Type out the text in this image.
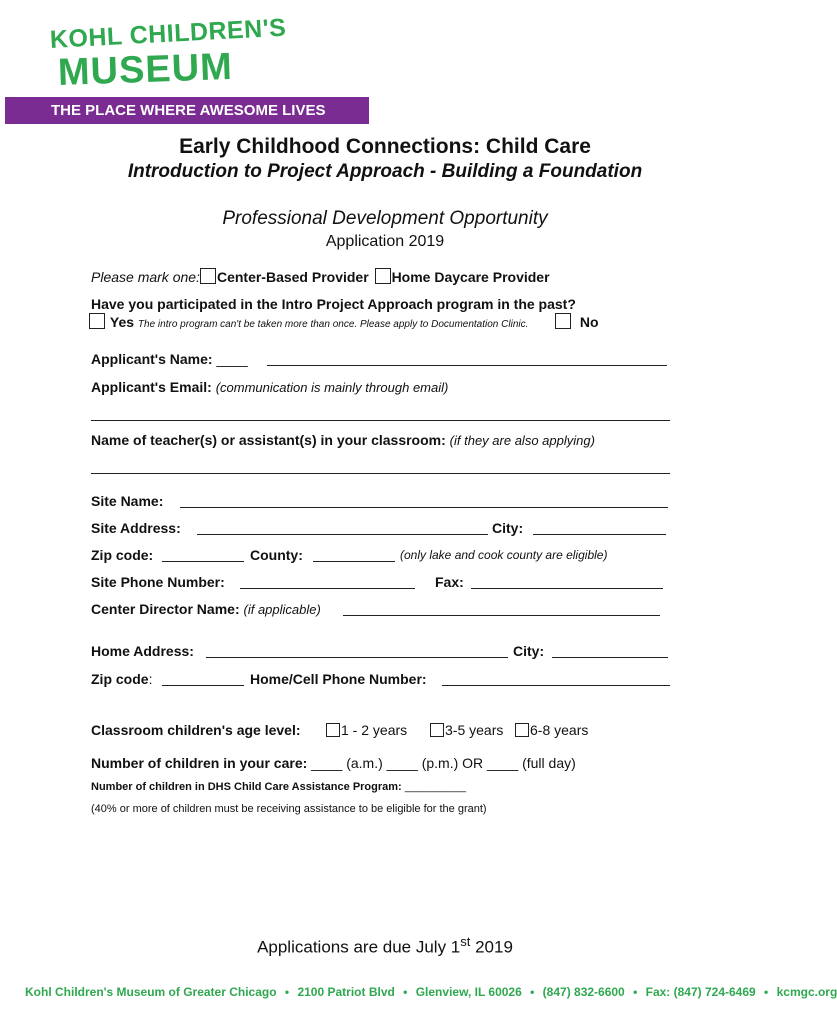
KOHL CHILDREN'S
MUSEUM
THE PLACE WHERE AWESOME LIVES
Early Childhood Connections: Child Care
Introduction to Project Approach - Building a Foundation
Professional Development Opportunity
Application 2019
Please mark one: Center-Based Provider Home Daycare Provider
Have you participated in the Intro Project Approach program in the past?
Yes The intro program can't be taken more than once. Please apply to Documentation Clinic.	No
Applicant's Name: ____
Applicant's Email: (communication is mainly through email)
Name of teacher(s) or assistant(s) in your classroom: (if they are also applying)
Site Name:
Site Address:	City:
Zip code:	County:	(only lake and cook county are eligible)
Site Phone Number:	Fax:
Center Director Name: (if applicable)
Home Address:	City:
Zip code:	Home/Cell Phone Number:
Classroom children's age level:	1 - 2 years	3-5 years	6-8 years
Number of children in your care: ____ (a.m.) ____ (p.m.) OR ____ (full day)
Number of children in DHS Child Care Assistance Program: __________
(40% or more of children must be receiving assistance to be eligible for the grant)
Applications are due July 1st 2019
Kohl Children's Museum of Greater Chicago • 2100 Patriot Blvd • Glenview, IL 60026 • (847) 832-6600 • Fax: (847) 724-6469 • kcmgc.org
